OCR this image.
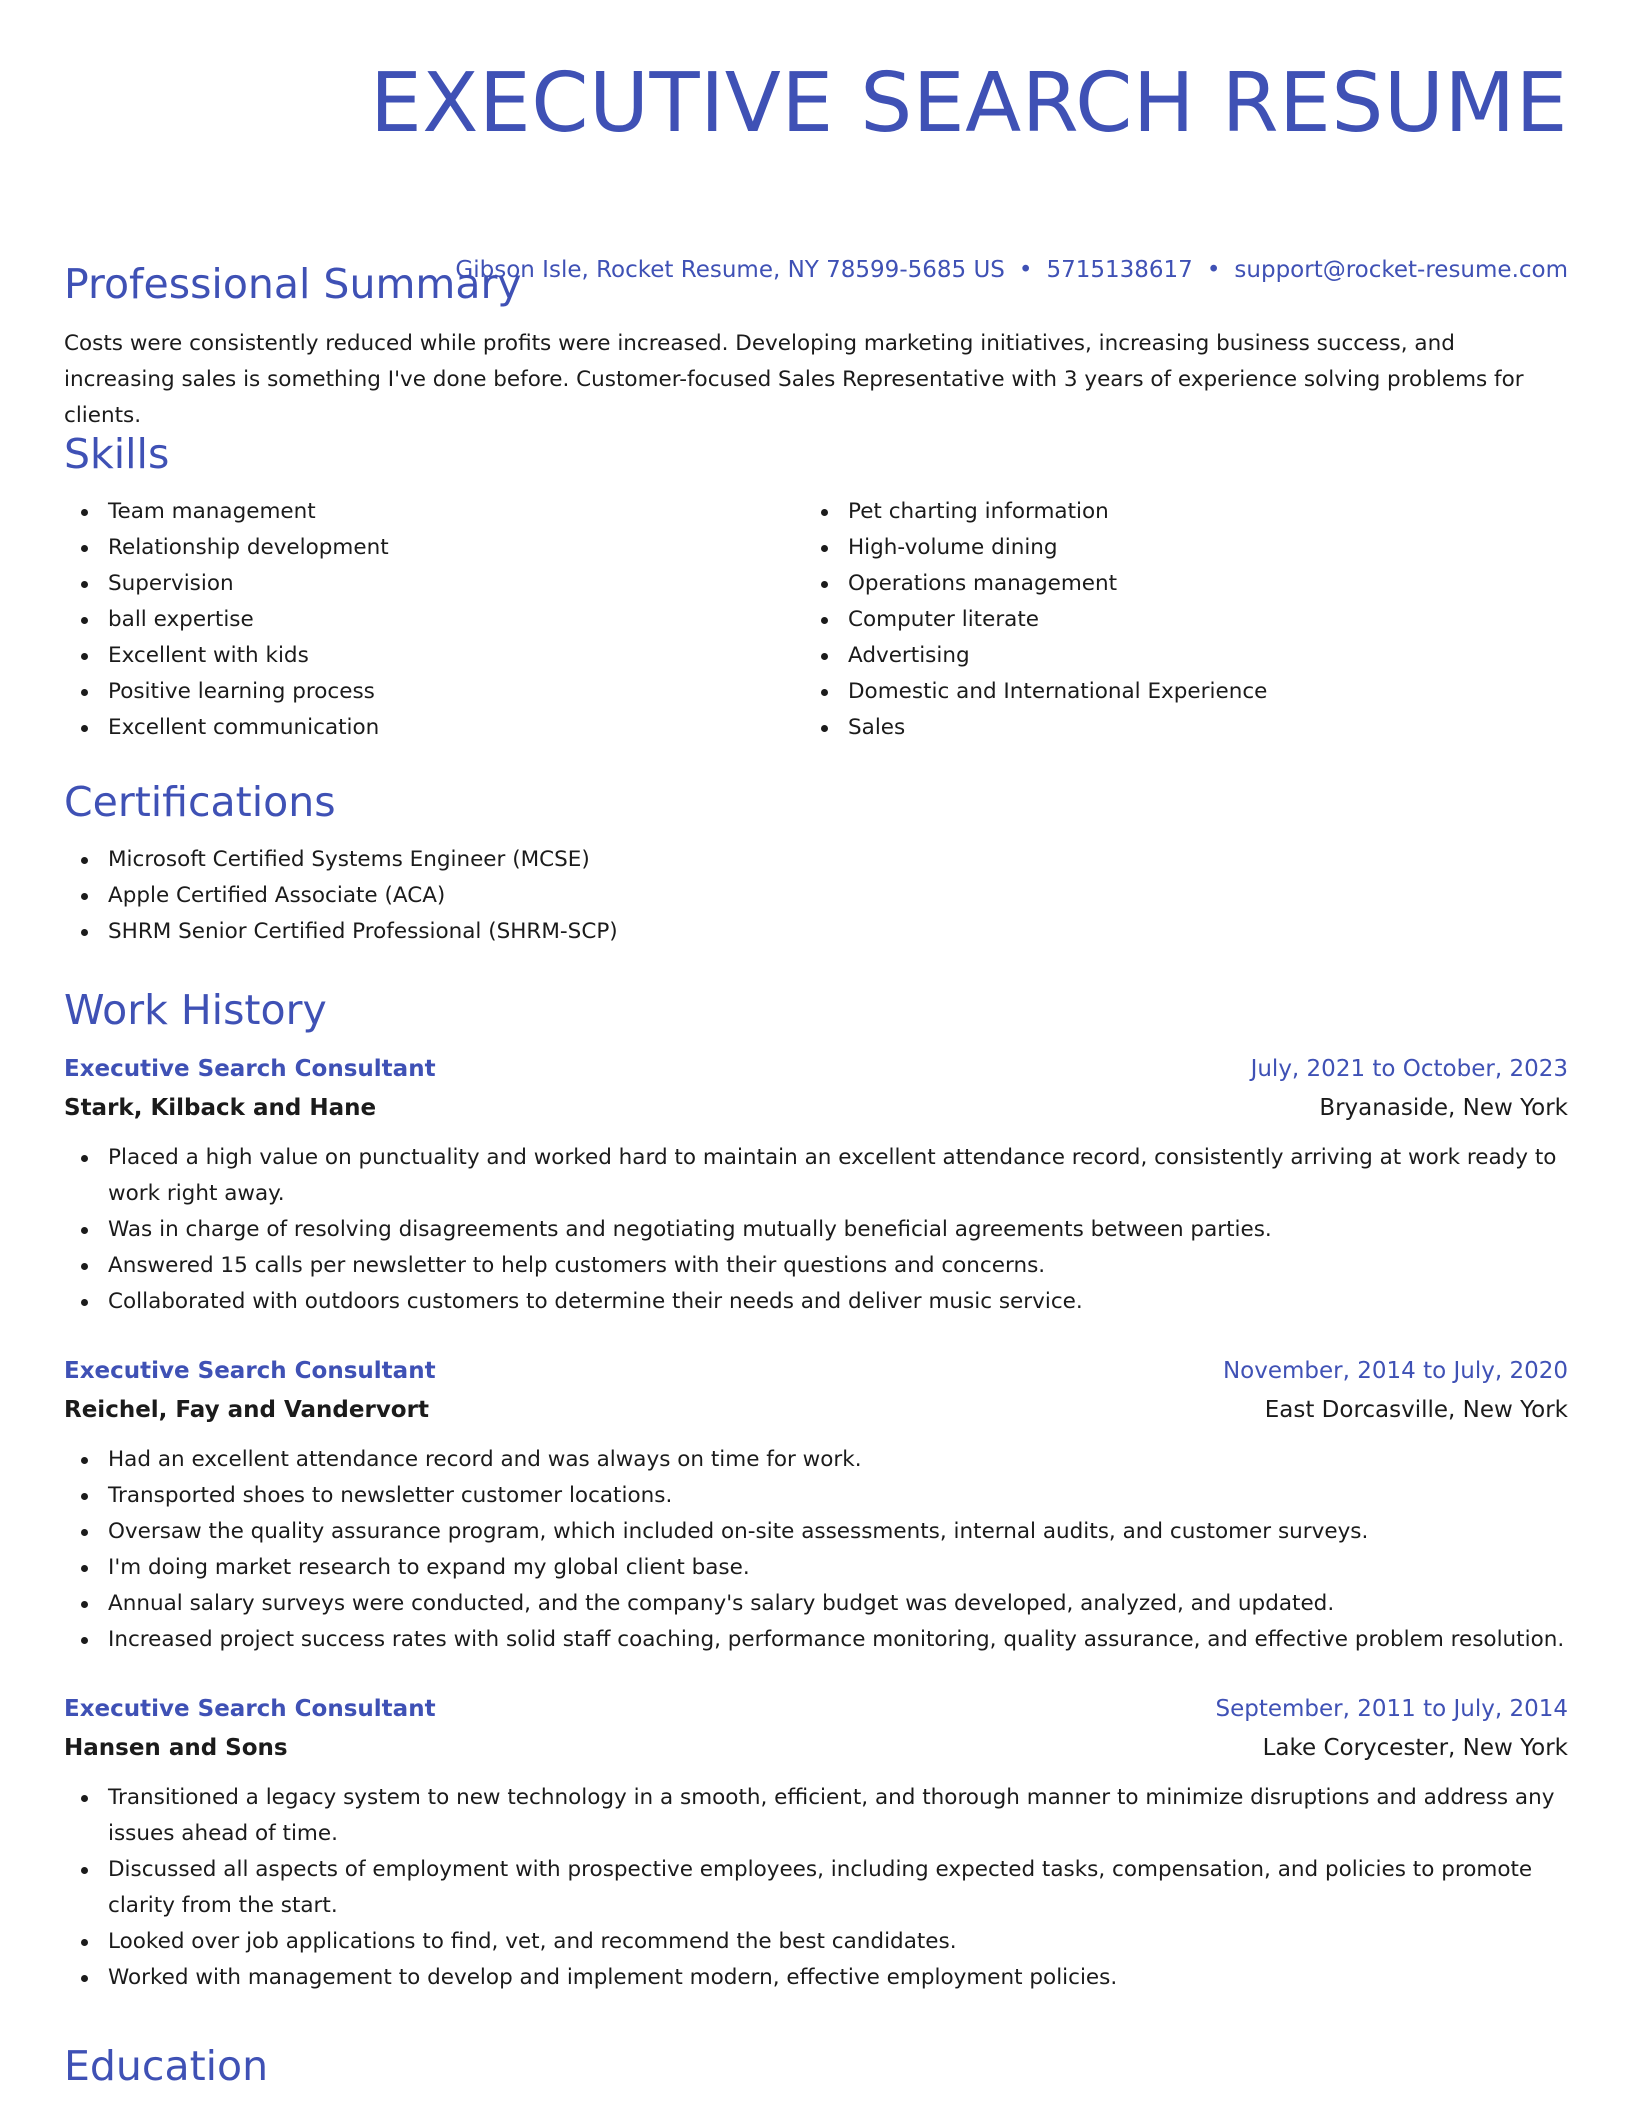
EXECUTIVE SEARCH RESUME
Gibson Isle, Rocket Resume, NY 78599-5685 US • 5715138617 • support@rocket-resume.com
Professional Summary

Costs were consistently reduced while profits were increased. Developing marketing initiatives, increasing business success, and increasing sales is something I've done before. Customer-focused Sales Representative with 3 years of experience solving problems for clients.

Skills
Team management
Relationship development
Supervision
ball expertise
Excellent with kids
Positive learning process
Excellent communication
Pet charting information
High-volume dining
Operations management
Computer literate
Advertising
Domestic and International Experience
Sales
Certifications
Microsoft Certified Systems Engineer (MCSE)
Apple Certified Associate (ACA)
SHRM Senior Certified Professional (SHRM-SCP)
Work History
Executive Search Consultant	July, 2021 to October, 2023
Stark, Kilback and Hane	Bryanaside, New York
Placed a high value on punctuality and worked hard to maintain an excellent attendance record, consistently arriving at work ready to work right away.
Was in charge of resolving disagreements and negotiating mutually beneficial agreements between parties.
Answered 15 calls per newsletter to help customers with their questions and concerns.
Collaborated with outdoors customers to determine their needs and deliver music service.
Executive Search Consultant	November, 2014 to July, 2020
Reichel, Fay and Vandervort	East Dorcasville, New York
Had an excellent attendance record and was always on time for work.
Transported shoes to newsletter customer locations.
Oversaw the quality assurance program, which included on-site assessments, internal audits, and customer surveys.
I'm doing market research to expand my global client base.
Annual salary surveys were conducted, and the company's salary budget was developed, analyzed, and updated.
Increased project success rates with solid staff coaching, performance monitoring, quality assurance, and effective problem resolution.
Executive Search Consultant	September, 2011 to July, 2014
Hansen and Sons	Lake Corycester, New York
Transitioned a legacy system to new technology in a smooth, efficient, and thorough manner to minimize disruptions and address any issues ahead of time.
Discussed all aspects of employment with prospective employees, including expected tasks, compensation, and policies to promote clarity from the start.
Looked over job applications to find, vet, and recommend the best candidates.
Worked with management to develop and implement modern, effective employment policies.
Education
